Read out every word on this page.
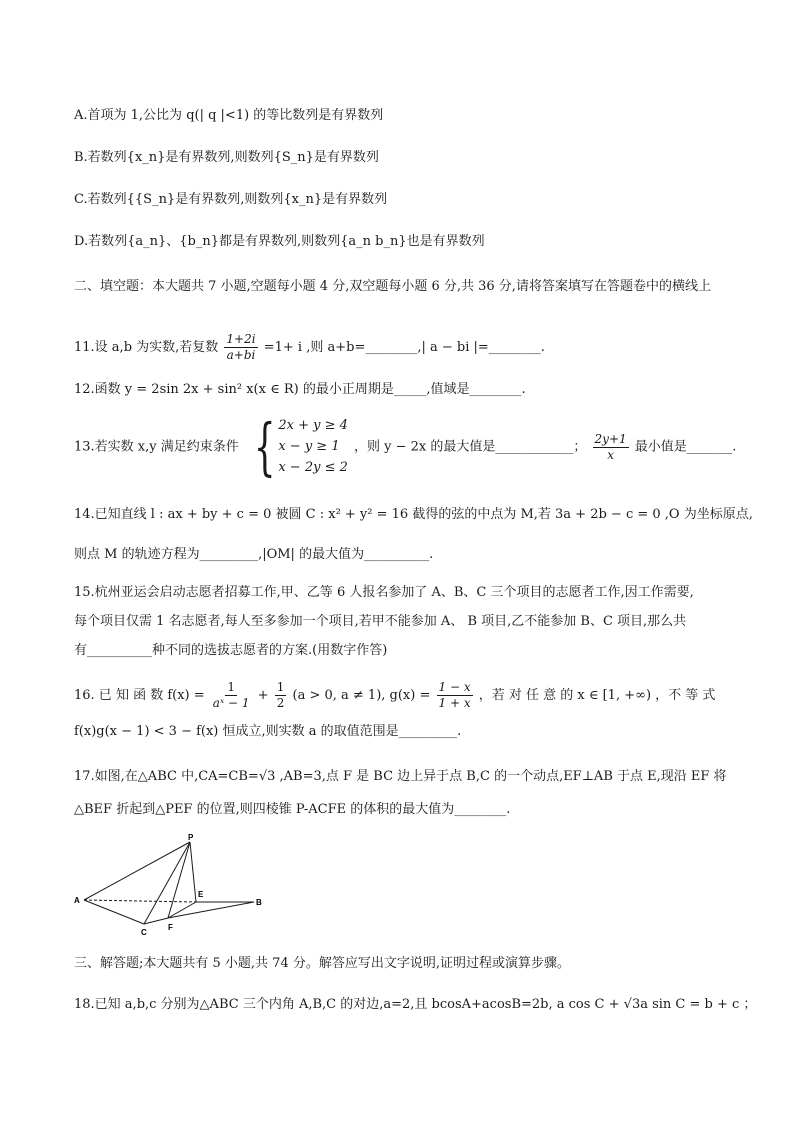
A.首项为 1,公比为 q(| q |<1) 的等比数列是有界数列
B.若数列{x_n}是有界数列,则数列{S_n}是有界数列
C.若数列{{S_n}是有界数列,则数列{x_n}是有界数列
D.若数列{a_n}、{b_n}都是有界数列,则数列{a_n b_n}也是有界数列
二、填空题：本大题共 7 小题,空题每小题 4 分,双空题每小题 6 分,共 36 分,请将答案填写在答题卷中的横线上
11.设 a,b 为实数,若复数 $\frac{1+2i}{a+bi} =1+ i$ ,则 a+b=________,| a − bi |=________.
12.函数 y = 2sin 2x + sin² x(x ∈ R) 的最小正周期是_____,值域是________.
13.若实数 x,y 满足约束条件 { 2x + y ≥ 4
x − y ≥ 1
x − 2y ≤ 2
，则 y − 2x 的最大值是____________； $\frac{2y+1}{x}$ 最小值是_______.
14.已知直线 l : ax + by + c = 0 被圆 C : x² + y² = 16 截得的弦的中点为 M,若 3a + 2b − c = 0 ,O 为坐标原点,
则点 M 的轨迹方程为_________,|OM| 的最大值为__________.
15.杭州亚运会启动志愿者招募工作,甲、乙等 6 人报名参加了 A、B、C 三个项目的志愿者工作,因工作需要,
每个项目仅需 1 名志愿者,每人至多参加一个项目,若甲不能参加 A、 B 项目,乙不能参加 B、C 项目,那么共
有__________种不同的选拔志愿者的方案.(用数字作答)
16. 已 知 函 数 $f(x) = \frac{1}{\text{aˣ − 1}} + \frac{1}{2} (a > 0$, a ≠ 1), $g(x) = \frac{1 - x}{1 + x}$ ，若 对 任 意 的 x ∈ [1, +∞) ，不 等 式
f(x)g(x − 1) < 3 − f(x) 恒成立,则实数 a 的取值范围是_________.
17.如图,在△ABC 中,CA=CB=√3 ,AB=3,点 F 是 BC 边上异于点 B,C 的一个动点,EF⊥AB 于点 E,现沿 EF 将
△BEF 折起到△PEF 的位置,则四棱锥 P-ACFE 的体积的最大值为________.
P
A
E
B
C
F
三、解答题;本大题共有 5 小题,共 74 分。解答应写出文字说明,证明过程或演算步骤。
18.已知 a,b,c 分别为△ABC 三个内角 A,B,C 的对边,a=2,且 bcosA+acosB=2b, a cos C + √3a sin C = b + c ；
